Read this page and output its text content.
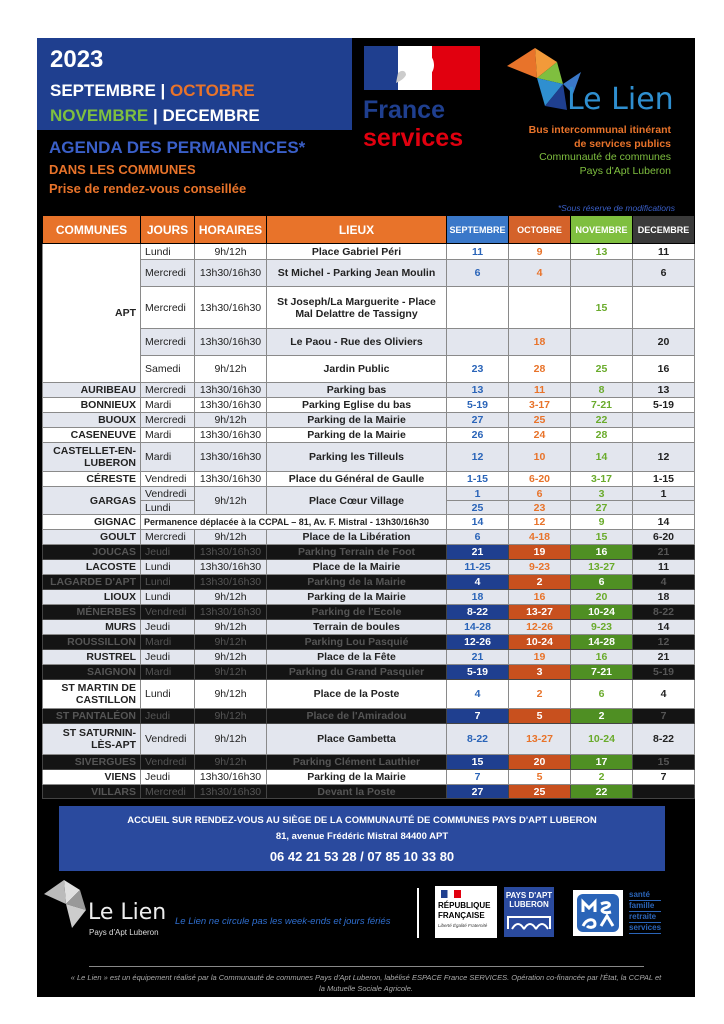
2023
SEPTEMBRE | OCTOBRE
NOVEMBRE | DECEMBRE
AGENDA DES PERMANENCES*
DANS LES COMMUNES
Prise de rendez-vous conseillée
France
services
Le Lien
Bus intercommunal itinérant
de services publics
Communauté de communes
Pays d'Apt Luberon
*Sous réserve de modifications
COMMUNES	JOURS	HORAIRES	LIEUX	SEPTEMBRE	OCTOBRE	NOVEMBRE	DECEMBRE
APT	Lundi	9h/12h	Place Gabriel Péri	11	9	13	11
	Mercredi	13h30/16h30	St Michel - Parking Jean Moulin	6	4		6
	Mercredi	13h30/16h30	St Joseph/La Marguerite - Place Mal Delattre de Tassigny			15	
	Mercredi	13h30/16h30	Le Paou - Rue des Oliviers		18		20
	Samedi	9h/12h	Jardin Public	23	28	25	16
AURIBEAU	Mercredi	13h30/16h30	Parking bas	13	11	8	13
BONNIEUX	Mardi	13h30/16h30	Parking Eglise du bas	5-19	3-17	7-21	5-19
BUOUX	Mercredi	9h/12h	Parking de la Mairie	27	25	22	
CASENEUVE	Mardi	13h30/16h30	Parking de la Mairie	26	24	28	
CASTELLET-EN-LUBERON	Mardi	13h30/16h30	Parking les Tilleuls	12	10	14	12
CÉRESTE	Vendredi	13h30/16h30	Place du Général de Gaulle	1-15	6-20	3-17	1-15
GARGAS	Vendredi	9h/12h	Place Cœur Village	1	6	3	1
	Lundi			25	23	27	
GIGNAC	Permanence déplacée à la CCPAL – 81, Av. F. Mistral - 13h30/16h30			14	12	9	14
GOULT	Mercredi	9h/12h	Place de la Libération	6	4-18	15	6-20
JOUCAS	Jeudi	13h30/16h30	Parking Terrain de Foot	21	19	16	21
LACOSTE	Lundi	13h30/16h30	Place de la Mairie	11-25	9-23	13-27	11
LAGARDE D'APT	Lundi	13h30/16h30	Parking de la Mairie	4	2	6	4
LIOUX	Lundi	9h/12h	Parking de la Mairie	18	16	20	18
MÉNERBES	Vendredi	13h30/16h30	Parking de l'Ecole	8-22	13-27	10-24	8-22
MURS	Jeudi	9h/12h	Terrain de boules	14-28	12-26	9-23	14
ROUSSILLON	Mardi	9h/12h	Parking Lou Pasquié	12-26	10-24	14-28	12
RUSTREL	Jeudi	9h/12h	Place de la Fête	21	19	16	21
SAIGNON	Mardi	9h/12h	Parking du Grand Pasquier	5-19	3	7-21	5-19
ST MARTIN DE CASTILLON	Lundi	9h/12h	Place de la Poste	4	2	6	4
ST PANTALÉON	Jeudi	9h/12h	Place de l'Amiradou	7	5	2	7
ST SATURNIN-LÈS-APT	Vendredi	9h/12h	Place Gambetta	8-22	13-27	10-24	8-22
SIVERGUES	Vendredi	9h/12h	Parking Clément Lauthier	15	20	17	15
VIENS	Jeudi	13h30/16h30	Parking de la Mairie	7	5	2	7
VILLARS	Mercredi	13h30/16h30	Devant la Poste	27	25	22	
ACCUEIL SUR RENDEZ-VOUS AU SIÈGE DE LA COMMUNAUTÉ DE COMMUNES PAYS D'APT LUBERON
81, avenue Frédéric Mistral 84400 APT
06 42 21 53 28 / 07 85 10 33 80
Le Lien
Pays d'Apt Luberon
Le Lien ne circule pas les week-ends et jours fériés
RÉPUBLIQUE
FRANÇAISE
Liberté Égalité Fraternité
PAYS D'APT
LUBERON
santé
famille
retraite
services
« Le Lien » est un équipement réalisé par la Communauté de communes Pays d'Apt Luberon, labélisé ESPACE France SERVICES. Opération co-financée par l'État, la CCPAL et la Mutuelle Sociale Agricole.
